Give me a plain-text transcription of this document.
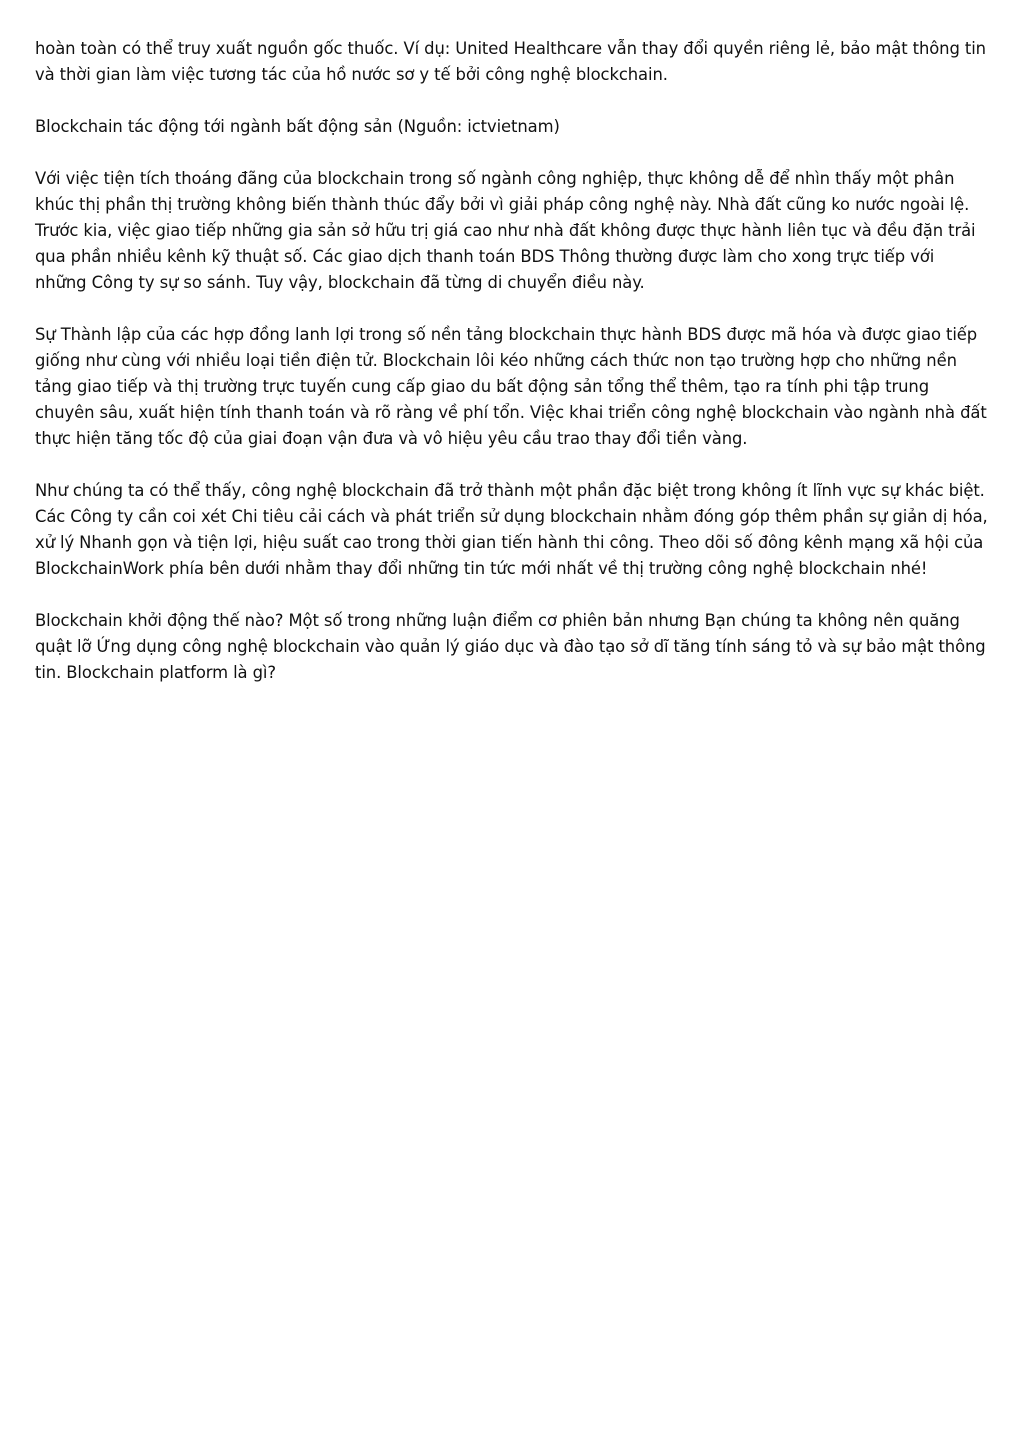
hoàn toàn có thể truy xuất nguồn gốc thuốc. Ví dụ: United Healthcare vẫn thay đổi quyền riêng lẻ, bảo mật thông tin và thời gian làm việc tương tác của hồ nước sơ y tế bởi công nghệ blockchain.

Blockchain tác động tới ngành bất động sản (Nguồn: ictvietnam)

Với việc tiện tích thoáng đãng của blockchain trong số ngành công nghiệp, thực không dễ để nhìn thấy một phân khúc thị phần thị trường không biến thành thúc đẩy bởi vì giải pháp công nghệ này. Nhà đất cũng ko nước ngoài lệ. Trước kia, việc giao tiếp những gia sản sở hữu trị giá cao như nhà đất không được thực hành liên tục và đều đặn trải qua phần nhiều kênh kỹ thuật số. Các giao dịch thanh toán BDS Thông thường được làm cho xong trực tiếp với những Công ty sự so sánh. Tuy vậy, blockchain đã từng di chuyển điều này.

Sự Thành lập của các hợp đồng lanh lợi trong số nền tảng blockchain thực hành BDS được mã hóa và được giao tiếp giống như cùng với nhiều loại tiền điện tử. Blockchain lôi kéo những cách thức non tạo trường hợp cho những nền tảng giao tiếp và thị trường trực tuyến cung cấp giao du bất động sản tổng thể thêm, tạo ra tính phi tập trung chuyên sâu, xuất hiện tính thanh toán và rõ ràng về phí tổn. Việc khai triển công nghệ blockchain vào ngành nhà đất thực hiện tăng tốc độ của giai đoạn vận đưa và vô hiệu yêu cầu trao thay đổi tiền vàng.

Như chúng ta có thể thấy, công nghệ blockchain đã trở thành một phần đặc biệt trong không ít lĩnh vực sự khác biệt. Các Công ty cần coi xét Chi tiêu cải cách và phát triển sử dụng blockchain nhằm đóng góp thêm phần sự giản dị hóa, xử lý Nhanh gọn và tiện lợi, hiệu suất cao trong thời gian tiến hành thi công. Theo dõi số đông kênh mạng xã hội của BlockchainWork phía bên dưới nhằm thay đổi những tin tức mới nhất về thị trường công nghệ blockchain nhé!

Blockchain khởi động thế nào? Một số trong những luận điểm cơ phiên bản nhưng Bạn chúng ta không nên quăng quật lỡ Ứng dụng công nghệ blockchain vào quản lý giáo dục và đào tạo sở dĩ tăng tính sáng tỏ và sự bảo mật thông tin. Blockchain platform là gì?
